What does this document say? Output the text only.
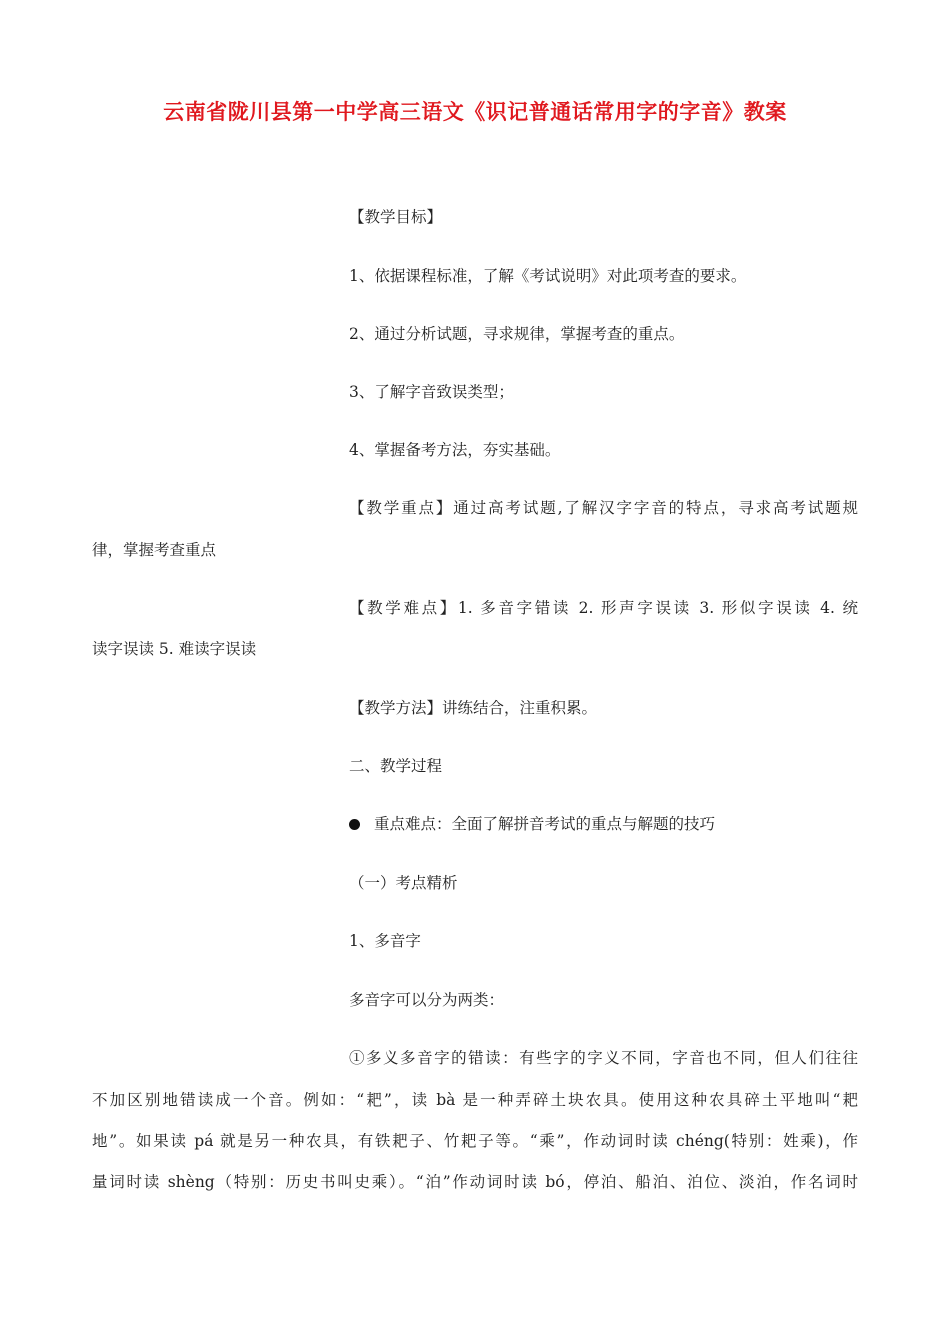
云南省陇川县第一中学高三语文《识记普通话常用字的字音》教案
【教学目标】
1、依据课程标准，了解《考试说明》对此项考查的要求。
2、通过分析试题，寻求规律，掌握考查的重点。
3、了解字音致误类型；
4、掌握备考方法，夯实基础。
【教学重点】通过高考试题,了解汉字字音的特点，寻求高考试题规
律，掌握考查重点
【教学难点】1. 多音字错读 2. 形声字误读 3. 形似字误读 4. 统
读字误读 5. 难读字误读
【教学方法】讲练结合，注重积累。
二、教学过程
重点难点：全面了解拼音考试的重点与解题的技巧
（一）考点精析
1、多音字
多音字可以分为两类：
①多义多音字的错读：有些字的字义不同，字音也不同，但人们往往
不加区别地错读成一个音。例如：“耙”，读 bà 是一种弄碎土块农具。使用这种农具碎土平地叫“耙
地”。如果读 pá 就是另一种农具，有铁耙子、竹耙子等。“乘”，作动词时读 chéng(特别：姓乘)，作
量词时读 shèng（特别：历史书叫史乘）。“泊”作动词时读 bó，停泊、船泊、泊位、淡泊，作名词时
